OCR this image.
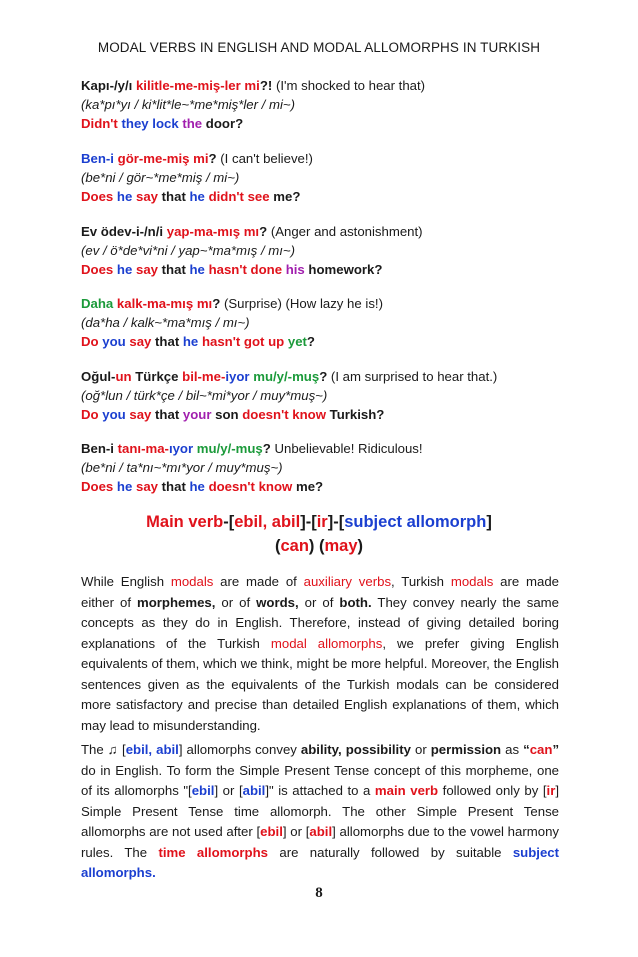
MODAL VERBS IN ENGLISH AND MODAL ALLOMORPHS IN TURKISH
Kapı-/y/ı kilitle-me-miş-ler mi?! (I'm shocked to hear that)
(ka*pı*yı / ki*lit*le~*me*miş*ler / mi~)
Didn't they lock the door?
Ben-i gör-me-miş mi? (I can't believe!)
(be*ni / gör~*me*miş / mi~)
Does he say that he didn't see me?
Ev ödev-i-/n/i yap-ma-mış mı? (Anger and astonishment)
(ev / ö*de*vi*ni / yap~*ma*mış / mı~)
Does he say that he hasn't done his homework?
Daha kalk-ma-mış mı? (Surprise) (How lazy he is!)
(da*ha / kalk~*ma*mış / mı~)
Do you say that he hasn't got up yet?
Oğul-un Türkçe bil-me-iyor mu/y/-muş? (I am surprised to hear that.)
(oğ*lun / türk*çe / bil~*mi*yor / muy*muş~)
Do you say that your son doesn't know Turkish?
Ben-i tanı-ma-ıyor mu/y/-muş? Unbelievable! Ridiculous!
(be*ni / ta*nı~*mı*yor / muy*muş~)
Does he say that he doesn't know me?
Main verb-[ebil, abil]-[ir]-[subject allomorph]
(can) (may)
While English modals are made of auxiliary verbs, Turkish modals are made either of morphemes, or of words, or of both. They convey nearly the same concepts as they do in English. Therefore, instead of giving detailed boring explanations of the Turkish modal allomorphs, we prefer giving English equivalents of them, which we think, might be more helpful. Moreover, the English sentences given as the equivalents of the Turkish modals can be considered more satisfactory and precise than detailed English explanations of them, which may lead to misunderstanding.
The ♫ [ebil, abil] allomorphs convey ability, possibility or permission as “can” do in English. To form the Simple Present Tense concept of this morpheme, one of its allomorphs "[ebil] or [abil]" is attached to a main verb followed only by [ir] Simple Present Tense time allomorph. The other Simple Present Tense allomorphs are not used after [ebil] or [abil] allomorphs due to the vowel harmony rules. The time allomorphs are naturally followed by suitable subject allomorphs.
8
